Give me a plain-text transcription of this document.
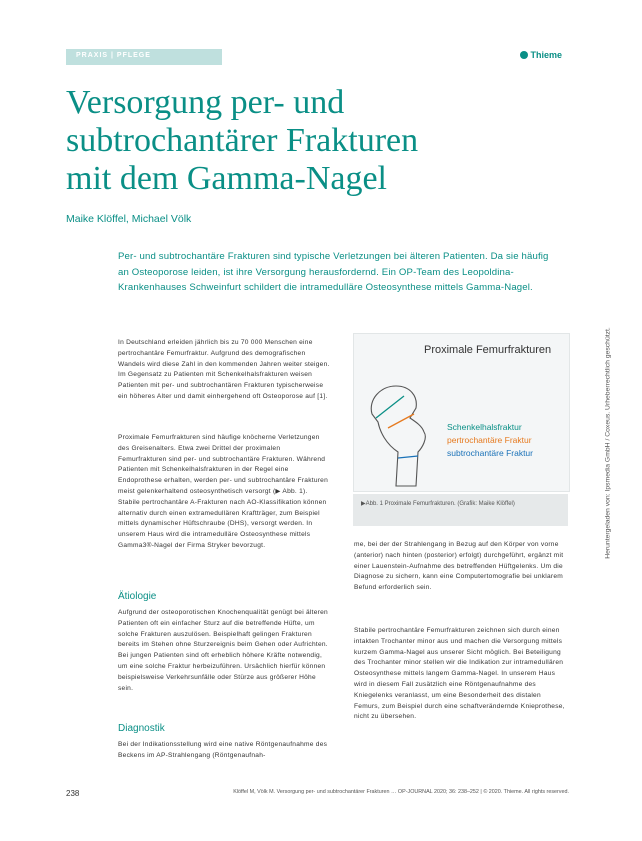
PRAXIS | PFLEGE	Thieme
Versorgung per- und
subtrochantärer Frakturen
mit dem Gamma-Nagel
Maike Klöffel, Michael Völk
Per- und subtrochantäre Frakturen sind typische Verletzungen bei älteren Patienten. Da sie häufig an Osteoporose leiden, ist ihre Versorgung herausfordernd. Ein OP-Team des Leopoldina-Krankenhauses Schweinfurt schildert die intramedulläre Osteosynthese mittels Gamma-Nagel.
In Deutschland erleiden jährlich bis zu 70 000 Menschen eine pertrochantäre Femurfraktur. Aufgrund des demografischen Wandels wird diese Zahl in den kommenden Jahren weiter steigen. Im Gegensatz zu Patienten mit Schenkelhalsfrakturen weisen Patienten mit per- und subtrochantären Frakturen typischerweise ein höheres Alter und damit einhergehend oft Osteoporose auf [1].
Proximale Femurfrakturen sind häufige knöcherne Verletzungen des Greisenalters. Etwa zwei Drittel der proximalen Femurfrakturen sind per- und subtrochantäre Frakturen. Während Patienten mit Schenkelhalsfrakturen in der Regel eine Endoprothese erhalten, werden per- und subtrochantäre Frakturen meist gelenkerhaltend osteosynthetisch versorgt (▶ Abb. 1). Stabile pertrochantäre A-Frakturen nach AO-Klassifikation können alternativ durch einen extramedullären Kraftträger, zum Beispiel mittels dynamischer Hüftschraube (DHS), versorgt werden. In unserem Haus wird die intramedulläre Osteosynthese mittels Gamma3®-Nagel der Firma Stryker bevorzugt.
Ätiologie
Aufgrund der osteoporotischen Knochenqualität genügt bei älteren Patienten oft ein einfacher Sturz auf die betreffende Hüfte, um solche Frakturen auszulösen. Beispielhaft gelingen Frakturen bereits im Stehen ohne Sturzereignis beim Gehen oder Aufrichten. Bei jungen Patienten sind oft erheblich höhere Kräfte notwendig, um eine solche Fraktur herbeizuführen. Ursächlich hierfür können beispielsweise Verkehrsunfälle oder Stürze aus größerer Höhe sein.
Diagnostik
Bei der Indikationsstellung wird eine native Röntgenaufnahme des Beckens im AP-Strahlengang (Röntgenaufnah-
Proximale Femurfrakturen
Schenkelhalsfraktur
pertrochantäre Fraktur
subtrochantäre Fraktur
▶Abb. 1 Proximale Femurfrakturen. (Grafik: Maike Klöffel)
me, bei der der Strahlengang in Bezug auf den Körper von vorne (anterior) nach hinten (posterior) erfolgt) durchgeführt, ergänzt mit einer Lauenstein-Aufnahme des betreffenden Hüftgelenks. Um die Diagnose zu sichern, kann eine Computertomografie bei unklarem Befund erforderlich sein.
Stabile pertrochantäre Femurfrakturen zeichnen sich durch einen intakten Trochanter minor aus und machen die Versorgung mittels kurzem Gamma-Nagel aus unserer Sicht möglich. Bei Beteiligung des Trochanter minor stellen wir die Indikation zur intramedullären Osteosynthese mittels langem Gamma-Nagel. In unserem Haus wird in diesem Fall zusätzlich eine Röntgenaufnahme des Kniegelenks veranlasst, um eine Besonderheit des distalen Femurs, zum Beispiel durch eine schaftverändernde Knieprothese, nicht zu übersehen.
Heruntergeladen von: Ipsmedia GmbH / Coxeus. Urheberrechtlich geschützt.
238	Klöffel M, Völk M. Versorgung per- und subtrochantärer Frakturen … OP-JOURNAL 2020; 36: 238–252 | © 2020. Thieme. All rights reserved.
